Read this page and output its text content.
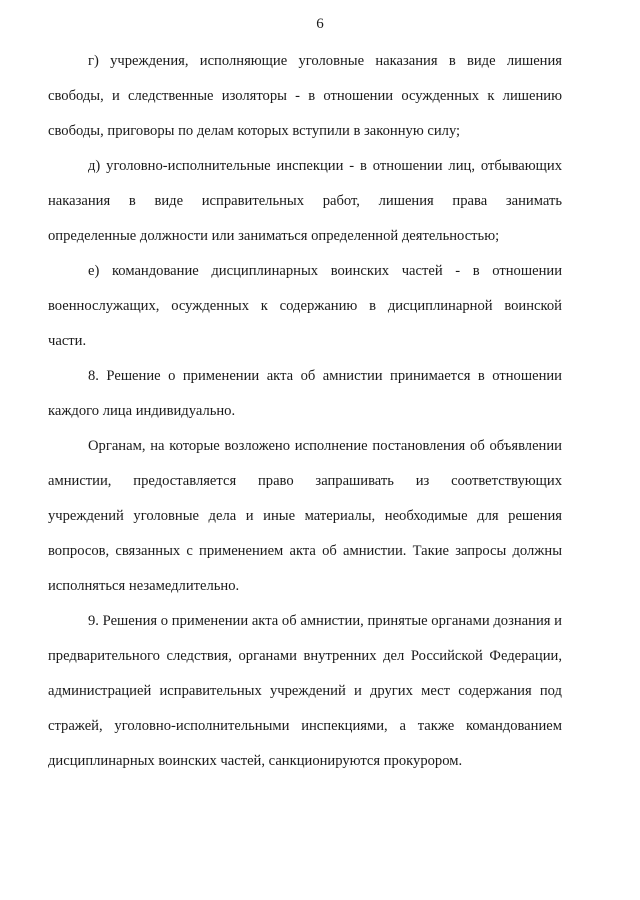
6
г) учреждения, исполняющие уголовные наказания в виде лишения
свободы, и следственные изоляторы - в отношении осужденных к лишению
свободы, приговоры по делам которых вступили в законную силу;
д) уголовно-исполнительные инспекции - в отношении лиц, отбывающих
наказания в виде исправительных работ, лишения права занимать
определенные должности или заниматься определенной деятельностью;
е) командование дисциплинарных воинских частей - в отношении
военнослужащих, осужденных к содержанию в дисциплинарной воинской
части.
8. Решение о применении акта об амнистии принимается в отношении
каждого лица индивидуально.
Органам, на которые возложено исполнение постановления об объявлении
амнистии, предоставляется право запрашивать из соответствующих
учреждений уголовные дела и иные материалы, необходимые для решения
вопросов, связанных с применением акта об амнистии. Такие запросы должны
исполняться незамедлительно.
9. Решения о применении акта об амнистии, принятые органами дознания и
предварительного следствия, органами внутренних дел Российской Федерации,
администрацией исправительных учреждений и других мест содержания под
стражей, уголовно-исполнительными инспекциями, а также командованием
дисциплинарных воинских частей, санкционируются прокурором.
